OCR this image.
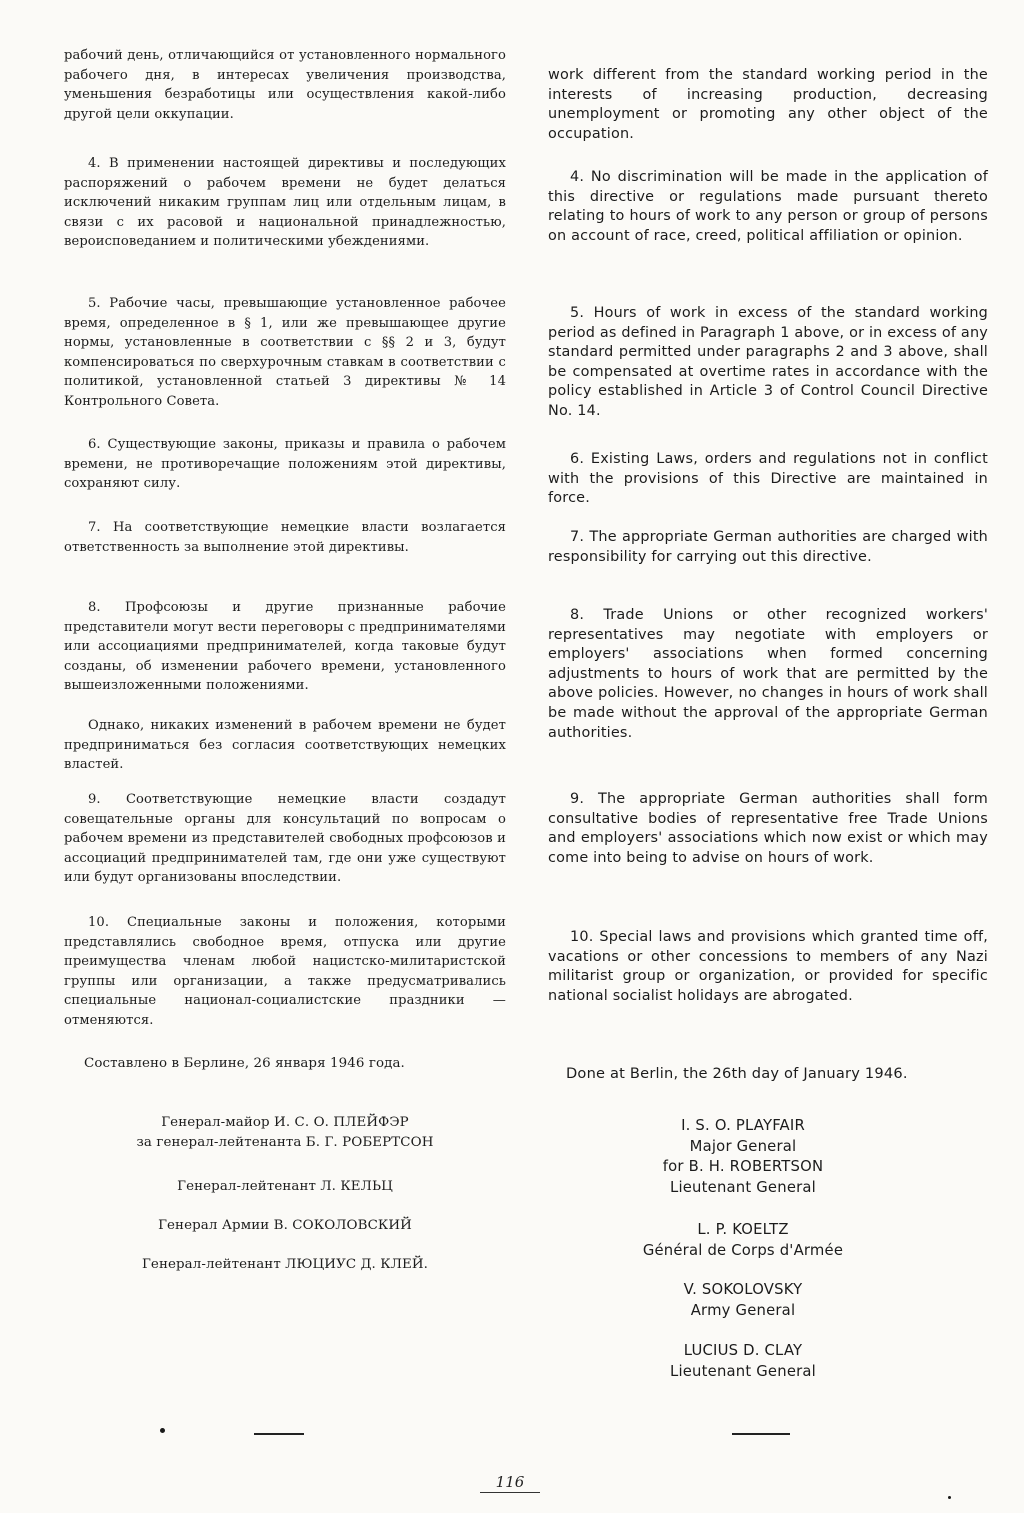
рабочий день, отличающийся от установленного нормального рабочего дня, в интересах увеличения производства, уменьшения безработицы или осуществления какой-либо другой цели оккупации.

4. В применении настоящей директивы и последующих распоряжений о рабочем времени не будет делаться исключений никаким группам лиц или отдельным лицам, в связи с их расовой и национальной принадлежностью, вероисповеданием и политическими убеждениями.

5. Рабочие часы, превышающие установленное рабочее время, определенное в § 1, или же превышающее другие нормы, установленные в соответствии с §§ 2 и 3, будут компенсироваться по сверхурочным ставкам в соответствии с политикой, установленной статьей 3 директивы № 14 Контрольного Совета.

6. Существующие законы, приказы и правила о рабочем времени, не противоречащие положениям этой директивы, сохраняют силу.

7. На соответствующие немецкие власти возлагается ответственность за выполнение этой директивы.

8. Профсоюзы и другие признанные рабочие представители могут вести переговоры с предпринимателями или ассоциациями предпринимателей, когда таковые будут созданы, об изменении рабочего времени, установленного вышеизложенными положениями.

Однако, никаких изменений в рабочем времени не будет предприниматься без согласия соответствующих немецких властей.

9. Соответствующие немецкие власти создадут совещательные органы для консультаций по вопросам о рабочем времени из представителей свободных профсоюзов и ассоциаций предпринимателей там, где они уже существуют или будут организованы впоследствии.

10. Специальные законы и положения, которыми представлялись свободное время, отпуска или другие преимущества членам любой нацистско-милитаристской группы или организации, а также предусматривались специальные национал-социалистские праздники — отменяются.

Составлено в Берлине, 26 января 1946 года.

Генерал-майор И. С. О. ПЛЕЙФЭР
за генерал-лейтенанта Б. Г. РОБЕРТСОН
Генерал-лейтенант Л. КЕЛЬЦ
Генерал Армии В. СОКОЛОВСКИЙ
Генерал-лейтенант ЛЮЦИУС Д. КЛЕЙ.

work different from the standard working period in the interests of increasing production, decreasing unemployment or promoting any other object of the occupation.

4. No discrimination will be made in the application of this directive or regulations made pursuant thereto relating to hours of work to any person or group of persons on account of race, creed, political affiliation or opinion.

5. Hours of work in excess of the standard working period as defined in Paragraph 1 above, or in excess of any standard permitted under paragraphs 2 and 3 above, shall be compensated at overtime rates in accordance with the policy established in Article 3 of Control Council Directive No. 14.

6. Existing Laws, orders and regulations not in conflict with the provisions of this Directive are maintained in force.

7. The appropriate German authorities are charged with responsibility for carrying out this directive.

8. Trade Unions or other recognized workers' representatives may negotiate with employers or employers' associations when formed concerning adjustments to hours of work that are permitted by the above policies. However, no changes in hours of work shall be made without the approval of the appropriate German authorities.

9. The appropriate German authorities shall form consultative bodies of representative free Trade Unions and employers' associations which now exist or which may come into being to advise on hours of work.

10. Special laws and provisions which granted time off, vacations or other concessions to members of any Nazi militarist group or organization, or provided for specific national socialist holidays are abrogated.

Done at Berlin, the 26th day of January 1946.

I. S. O. PLAYFAIR
Major General
for B. H. ROBERTSON
Lieutenant General
L. P. KOELTZ
Général de Corps d'Armée
V. SOKOLOVSKY
Army General
LUCIUS D. CLAY
Lieutenant General
116
